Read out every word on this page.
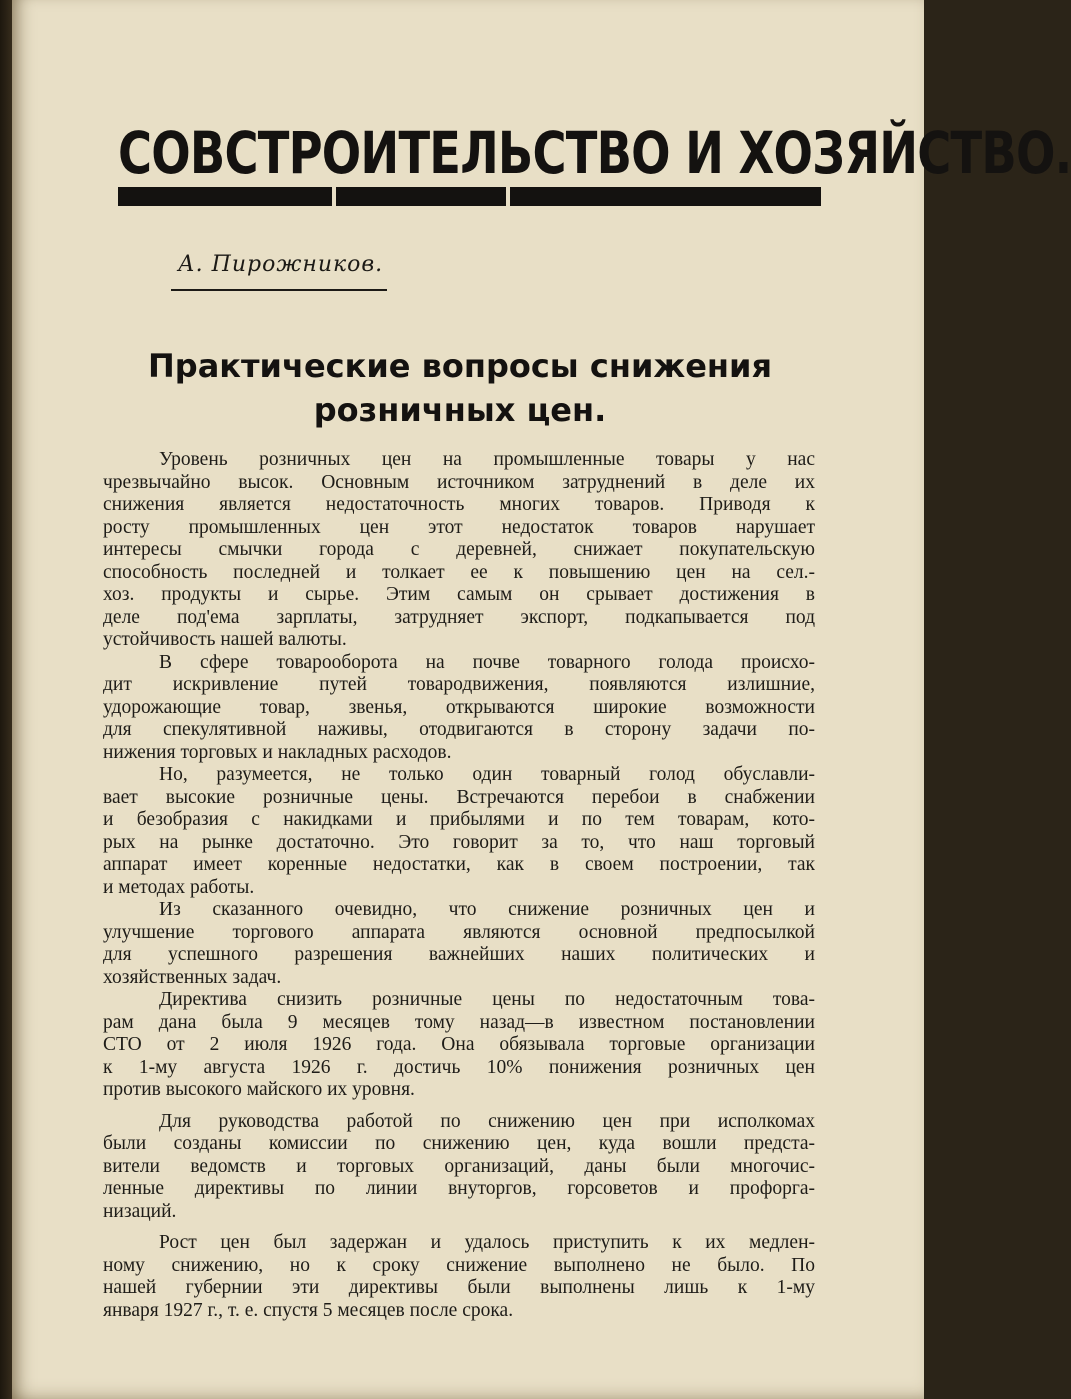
СОВСТРОИТЕЛЬСТВО И ХОЗЯЙСТВО.
А. Пирожников.
Практические вопросы снижения розничных цен.

Уровень розничных цен на промышленные товары у нас
чрезвычайно высок. Основным источником затруднений в деле их
снижения является недостаточность многих товаров. Приводя к
росту промышленных цен этот недостаток товаров нарушает
интересы смычки города с деревней, снижает покупательскую
способность последней и толкает ее к повышению цен на сел.-
хоз. продукты и сырье. Этим самым он срывает достижения в
деле под'ема зарплаты, затрудняет экспорт, подкапывается под
устойчивость нашей валюты.

В сфере товарооборота на почве товарного голода происхо-
дит искривление путей товародвижения, появляются излишние,
удорожающие товар, звенья, открываются широкие возможности
для спекулятивной наживы, отодвигаются в сторону задачи по-
нижения торговых и накладных расходов.

Но, разумеется, не только один товарный голод обуславли-
вает высокие розничные цены. Встречаются перебои в снабжении
и безобразия с накидками и прибылями и по тем товарам, кото-
рых на рынке достаточно. Это говорит за то, что наш торговый
аппарат имеет коренные недостатки, как в своем построении, так
и методах работы.

Из сказанного очевидно, что снижение розничных цен и
улучшение торгового аппарата являются основной предпосылкой
для успешного разрешения важнейших наших политических и
хозяйственных задач.

Директива снизить розничные цены по недостаточным това-
рам дана была 9 месяцев тому назад—в известном постановлении
СТО от 2 июля 1926 года. Она обязывала торговые организации
к 1-му августа 1926 г. достичь 10% понижения розничных цен
против высокого майского их уровня.

Для руководства работой по снижению цен при исполкомах
были созданы комиссии по снижению цен, куда вошли предста-
вители ведомств и торговых организаций, даны были многочис-
ленные директивы по линии внуторгов, горсоветов и профорга-
низаций.

Рост цен был задержан и удалось приступить к их медлен-
ному снижению, но к сроку снижение выполнено не было. По
нашей губернии эти директивы были выполнены лишь к 1-му
января 1927 г., т. е. спустя 5 месяцев после срока.
